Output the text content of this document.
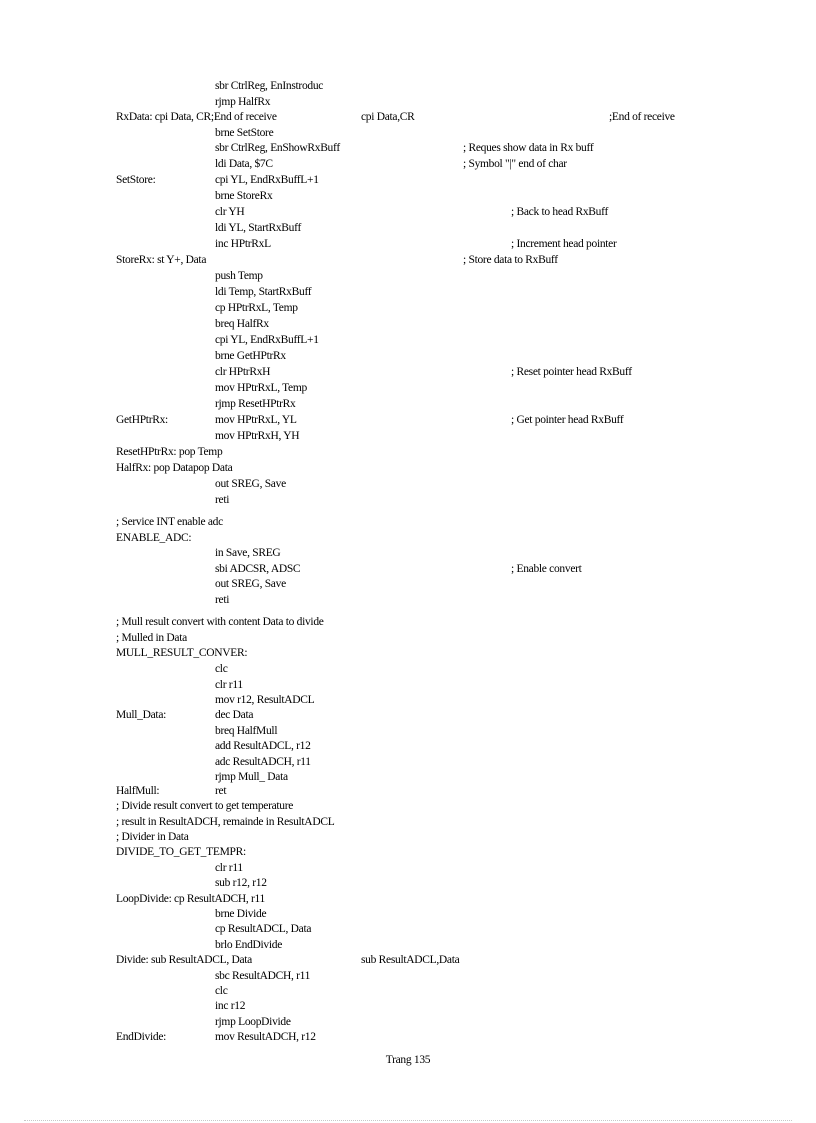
sbr CtrlReg, EnInstroduc
rjmp HalfRx
RxData: cpi Data, CR;End of receive	cpi Data,CR	;End of receive
brne SetStore
sbr CtrlReg, EnShowRxBuff	; Reques show data in Rx buff
ldi Data, $7C	; Symbol "|" end of char
SetStore:	cpi YL, EndRxBuffL+1
brne StoreRx
clr YH	; Back to head RxBuff
ldi YL, StartRxBuff
inc HPtrRxL	; Increment head pointer
StoreRx: st Y+, Data	; Store data to RxBuff
push Temp
ldi Temp, StartRxBuff
cp HPtrRxL, Temp
breq HalfRx
cpi YL, EndRxBuffL+1
brne GetHPtrRx
clr HPtrRxH	; Reset pointer head RxBuff
mov HPtrRxL, Temp
rjmp ResetHPtrRx
GetHPtrRx:	mov HPtrRxL, YL	; Get pointer head RxBuff
mov HPtrRxH, YH
ResetHPtrRx: pop Temp
HalfRx: pop Datapop Data
out SREG, Save
reti
; Service INT enable adc
ENABLE_ADC:
in Save, SREG
sbi ADCSR, ADSC	; Enable convert
out SREG, Save
reti
; Mull result convert with content Data to divide
; Mulled in Data
MULL_RESULT_CONVER:
clc
clr r11
mov r12, ResultADCL
Mull_Data:	dec Data
breq HalfMull
add ResultADCL, r12
adc ResultADCH, r11
rjmp Mull_ Data
HalfMull:	ret
; Divide result convert to get temperature
; result in ResultADCH, remainde in ResultADCL
; Divider in Data
DIVIDE_TO_GET_TEMPR:
clr r11
sub r12, r12
LoopDivide: cp ResultADCH, r11
brne Divide
cp ResultADCL, Data
brlo EndDivide
Divide: sub ResultADCL, Data	sub ResultADCL,Data
sbc ResultADCH, r11
clc
inc r12
rjmp LoopDivide
EndDivide:	mov ResultADCH, r12
Trang 135
